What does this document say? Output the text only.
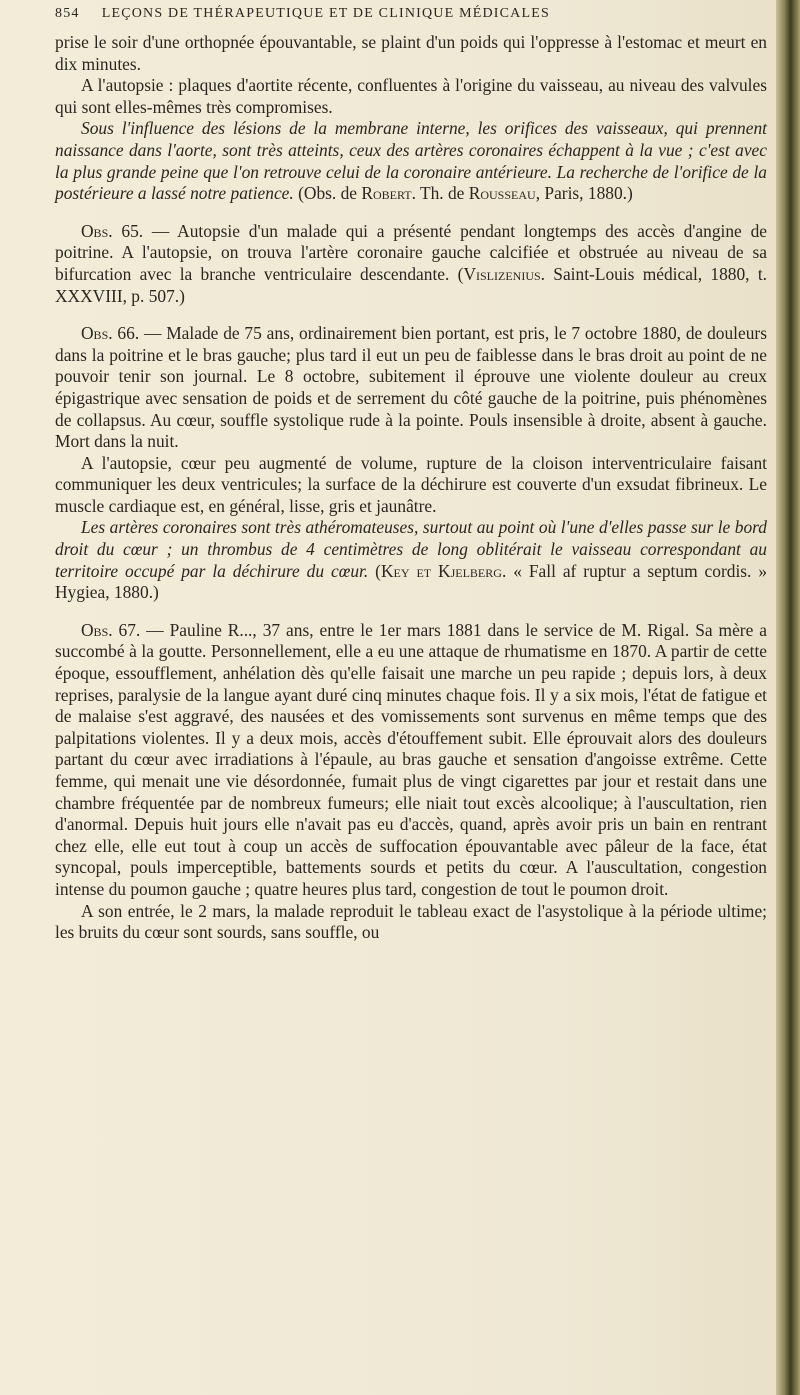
854 LEÇONS DE THÉRAPEUTIQUE ET DE CLINIQUE MÉDICALES

prise le soir d'une orthopnée épouvantable, se plaint d'un poids qui l'oppresse à l'estomac et meurt en dix minutes.

A l'autopsie : plaques d'aortite récente, confluentes à l'origine du vaisseau, au niveau des valvules qui sont elles-mêmes très compromises.

Sous l'influence des lésions de la membrane interne, les orifices des vaisseaux, qui prennent naissance dans l'aorte, sont très atteints, ceux des artères coronaires échappent à la vue ; c'est avec la plus grande peine que l'on retrouve celui de la coronaire antérieure. La recherche de l'orifice de la postérieure a lassé notre patience. (Obs. de Robert. Th. de Rousseau, Paris, 1880.)

Obs. 65. — Autopsie d'un malade qui a présenté pendant longtemps des accès d'angine de poitrine. A l'autopsie, on trouva l'artère coronaire gauche calcifiée et obstruée au niveau de sa bifurcation avec la branche ventriculaire descendante. (Vislizenius. Saint-Louis médical, 1880, t. XXXVIII, p. 507.)

Obs. 66. — Malade de 75 ans, ordinairement bien portant, est pris, le 7 octobre 1880, de douleurs dans la poitrine et le bras gauche; plus tard il eut un peu de faiblesse dans le bras droit au point de ne pouvoir tenir son journal. Le 8 octobre, subitement il éprouve une violente douleur au creux épigastrique avec sensation de poids et de serrement du côté gauche de la poitrine, puis phénomènes de collapsus. Au cœur, souffle systolique rude à la pointe. Pouls insensible à droite, absent à gauche. Mort dans la nuit.

A l'autopsie, cœur peu augmenté de volume, rupture de la cloison interventriculaire faisant communiquer les deux ventricules; la surface de la déchirure est couverte d'un exsudat fibrineux. Le muscle cardiaque est, en général, lisse, gris et jaunâtre.

Les artères coronaires sont très athéromateuses, surtout au point où l'une d'elles passe sur le bord droit du cœur ; un thrombus de 4 centimètres de long oblitérait le vaisseau correspondant au territoire occupé par la déchirure du cœur. (Key et Kjelberg. « Fall af ruptur a septum cordis. » Hygiea, 1880.)

Obs. 67. — Pauline R..., 37 ans, entre le 1er mars 1881 dans le service de M. Rigal. Sa mère a succombé à la goutte. Personnellement, elle a eu une attaque de rhumatisme en 1870. A partir de cette époque, essoufflement, anhélation dès qu'elle faisait une marche un peu rapide ; depuis lors, à deux reprises, paralysie de la langue ayant duré cinq minutes chaque fois. Il y a six mois, l'état de fatigue et de malaise s'est aggravé, des nausées et des vomissements sont survenus en même temps que des palpitations violentes. Il y a deux mois, accès d'étouffement subit. Elle éprouvait alors des douleurs partant du cœur avec irradiations à l'épaule, au bras gauche et sensation d'angoisse extrême. Cette femme, qui menait une vie désordonnée, fumait plus de vingt cigarettes par jour et restait dans une chambre fréquentée par de nombreux fumeurs; elle niait tout excès alcoolique; à l'auscultation, rien d'anormal. Depuis huit jours elle n'avait pas eu d'accès, quand, après avoir pris un bain en rentrant chez elle, elle eut tout à coup un accès de suffocation épouvantable avec pâleur de la face, état syncopal, pouls imperceptible, battements sourds et petits du cœur. A l'auscultation, congestion intense du poumon gauche ; quatre heures plus tard, congestion de tout le poumon droit.

A son entrée, le 2 mars, la malade reproduit le tableau exact de l'asystolique à la période ultime; les bruits du cœur sont sourds, sans souffle, ou
